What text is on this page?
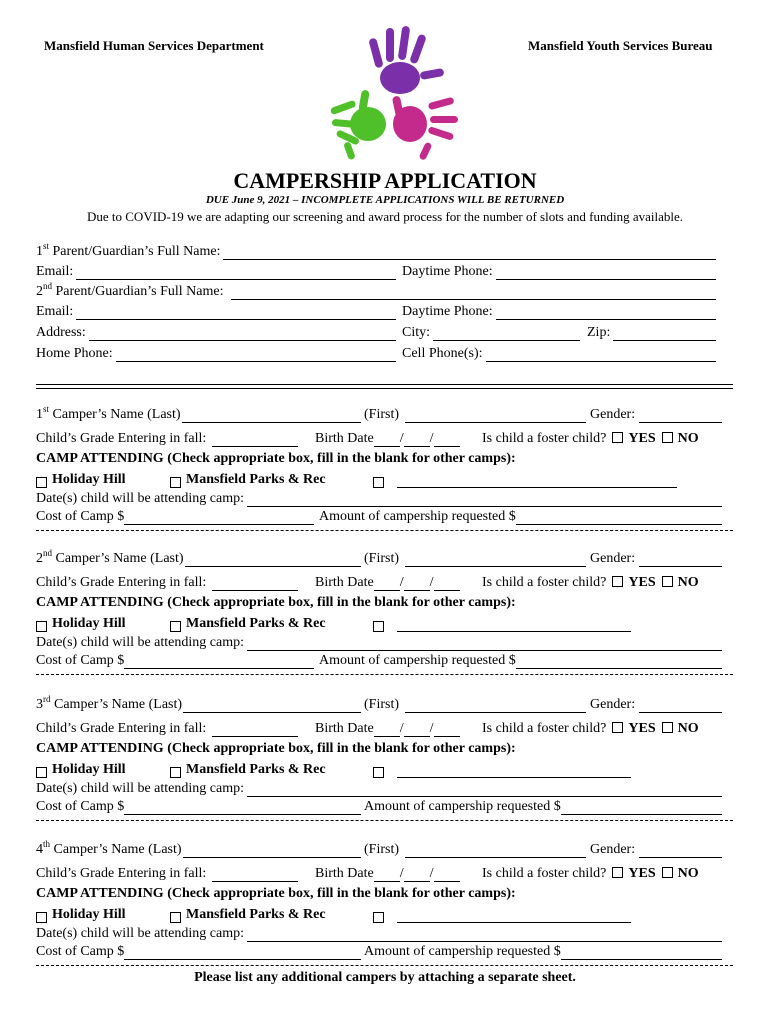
Mansfield Human Services Department	Mansfield Youth Services Bureau
CAMPERSHIP APPLICATION
DUE June 9, 2021 – INCOMPLETE APPLICATIONS WILL BE RETURNED
Due to COVID-19 we are adapting our screening and award process for the number of slots and funding available.
1st Parent/Guardian’s Full Name:
Email:	Daytime Phone:
2nd Parent/Guardian’s Full Name:
Email:	Daytime Phone:
Address:	City:	Zip:
Home Phone:	Cell Phone(s):
1st Camper’s Name (Last)	(First)	Gender:
Child’s Grade Entering in fall:	Birth Date / /	Is child a foster child?	YES	NO
CAMP ATTENDING (Check appropriate box, fill in the blank for other camps):
Holiday Hill	Mansfield Parks & Rec
Date(s) child will be attending camp:
Cost of Camp $	Amount of campership requested $
2nd Camper’s Name (Last)	(First)	Gender:
Child’s Grade Entering in fall:	Birth Date / /	Is child a foster child?	YES	NO
CAMP ATTENDING (Check appropriate box, fill in the blank for other camps):
Holiday Hill	Mansfield Parks & Rec
Date(s) child will be attending camp:
Cost of Camp $	Amount of campership requested $
3rd Camper’s Name (Last)	(First)	Gender:
Child’s Grade Entering in fall:	Birth Date / /	Is child a foster child?	YES	NO
CAMP ATTENDING (Check appropriate box, fill in the blank for other camps):
Holiday Hill	Mansfield Parks & Rec
Date(s) child will be attending camp:
Cost of Camp $	Amount of campership requested $
4th Camper’s Name (Last)	(First)	Gender:
Child’s Grade Entering in fall:	Birth Date / /	Is child a foster child?	YES	NO
CAMP ATTENDING (Check appropriate box, fill in the blank for other camps):
Holiday Hill	Mansfield Parks & Rec
Date(s) child will be attending camp:
Cost of Camp $	Amount of campership requested $
Please list any additional campers by attaching a separate sheet.
